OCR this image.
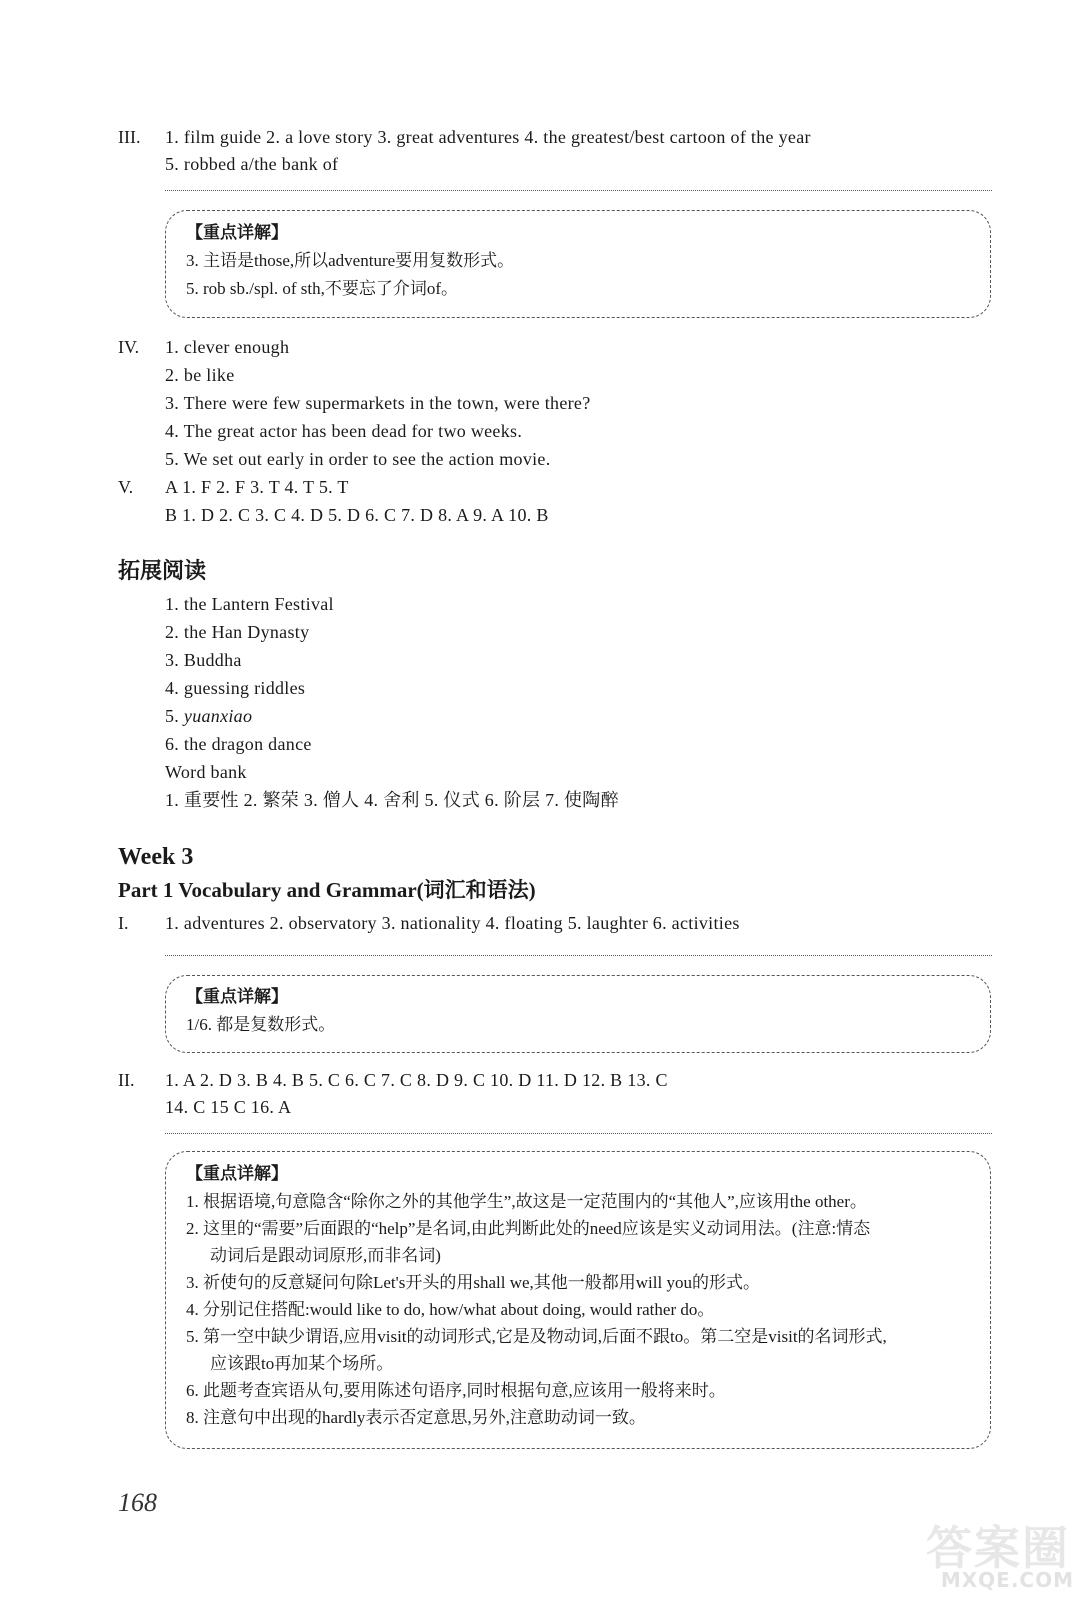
III. 1. film guide 2. a love story 3. great adventures 4. the greatest/best cartoon of the year
5. robbed a/the bank of
【重点详解】
3. 主语是those,所以adventure要用复数形式。
5. rob sb./spl. of sth,不要忘了介词of。
IV. 1. clever enough
2. be like
3. There were few supermarkets in the town, were there?
4. The great actor has been dead for two weeks.
5. We set out early in order to see the action movie.
V. A 1. F 2. F 3. T 4. T 5. T
B 1. D 2. C 3. C 4. D 5. D 6. C 7. D 8. A 9. A 10. B
拓展阅读
1. the Lantern Festival
2. the Han Dynasty
3. Buddha
4. guessing riddles
5. yuanxiao
6. the dragon dance
Word bank
1. 重要性 2. 繁荣 3. 僧人 4. 舍利 5. 仪式 6. 阶层 7. 使陶醉
Week 3
Part 1 Vocabulary and Grammar(词汇和语法)
I. 1. adventures 2. observatory 3. nationality 4. floating 5. laughter 6. activities
【重点详解】
1/6. 都是复数形式。
II. 1. A 2. D 3. B 4. B 5. C 6. C 7. C 8. D 9. C 10. D 11. D 12. B 13. C
14. C 15 C 16. A
【重点详解】
1. 根据语境,句意隐含“除你之外的其他学生”,故这是一定范围内的“其他人”,应该用the other。
2. 这里的“需要”后面跟的“help”是名词,由此判断此处的need应该是实义动词用法。(注意:情态
动词后是跟动词原形,而非名词)
3. 祈使句的反意疑问句除Let's开头的用shall we,其他一般都用will you的形式。
4. 分别记住搭配:would like to do, how/what about doing, would rather do。
5. 第一空中缺少谓语,应用visit的动词形式,它是及物动词,后面不跟to。第二空是visit的名词形式,
应该跟to再加某个场所。
6. 此题考查宾语从句,要用陈述句语序,同时根据句意,应该用一般将来时。
8. 注意句中出现的hardly表示否定意思,另外,注意助动词一致。
168
答案圈
MXQE.COM
